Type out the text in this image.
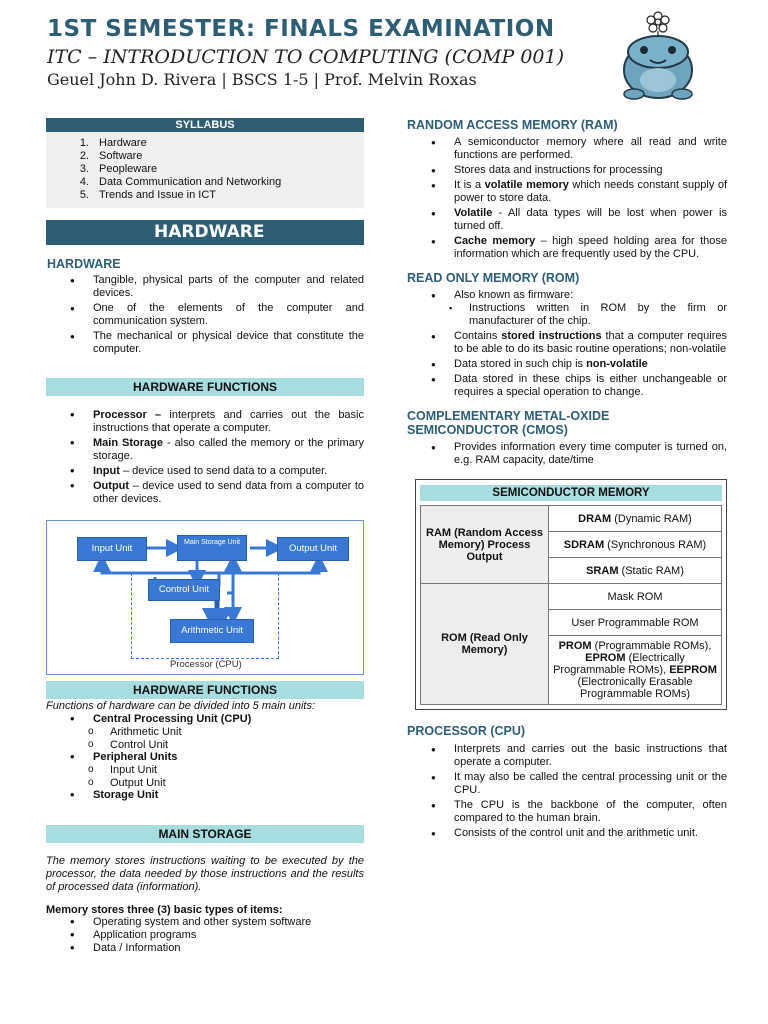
1ST SEMESTER: FINALS EXAMINATION
ITC – INTRODUCTION TO COMPUTING (COMP 001)
Geuel John D. Rivera | BSCS 1-5 | Prof. Melvin Roxas
SYLLABUS
1. Hardware
2. Software
3. Peopleware
4. Data Communication and Networking
5. Trends and Issue in ICT
HARDWARE
HARDWARE
● Tangible, physical parts of the computer and related devices.
● One of the elements of the computer and communication system.
● The mechanical or physical device that constitute the computer.
HARDWARE FUNCTIONS
• Processor – interprets and carries out the basic instructions that operate a computer.
• Main Storage - also called the memory or the primary storage.
• Input – device used to send data to a computer.
• Output – device used to send data from a computer to other devices.
Input Unit
Main Storage Unit
Output Unit
Control Unit
Arithmetic Unit
Processor (CPU)
HARDWARE FUNCTIONS

Functions of hardware can be divided into 5 main units:

• Central Processing Unit (CPU)
o Arithmetic Unit
o Control Unit
• Peripheral Units
o Input Unit
o Output Unit
• Storage Unit
MAIN STORAGE

The memory stores instructions waiting to be executed by the processor, the data needed by those instructions and the results of processed data (information).

Memory stores three (3) basic types of items:
• Operating system and other system software
• Application programs
• Data / Information
RANDOM ACCESS MEMORY (RAM)
● A semiconductor memory where all read and write functions are performed.
● Stores data and instructions for processing
● It is a volatile memory which needs constant supply of power to store data.
● Volatile - All data types will be lost when power is turned off.
● Cache memory – high speed holding area for those information which are frequently used by the CPU.
READ ONLY MEMORY (ROM)
● Also known as firmware:
▪ Instructions written in ROM by the firm or manufacturer of the chip.
● Contains stored instructions that a computer requires to be able to do its basic routine operations; non-volatile
● Data stored in such chip is non-volatile
● Data stored in these chips is either unchangeable or requires a special operation to change.
COMPLEMENTARY METAL-OXIDE
SEMICONDUCTOR (CMOS)
● Provides information every time computer is turned on, e.g. RAM capacity, date/time
SEMICONDUCTOR MEMORY
RAM (Random Access Memory) Process Output	DRAM (Dynamic RAM)
	SDRAM (Synchronous RAM)
	SRAM (Static RAM)
ROM (Read Only Memory)	Mask ROM
	User Programmable ROM
	PROM (Programmable ROMs), EPROM (Electrically Programmable ROMs), EEPROM (Electronically Erasable Programmable ROMs)
PROCESSOR (CPU)
● Interprets and carries out the basic instructions that operate a computer.
● It may also be called the central processing unit or the CPU.
● The CPU is the backbone of the computer, often compared to the human brain.
● Consists of the control unit and the arithmetic unit.
